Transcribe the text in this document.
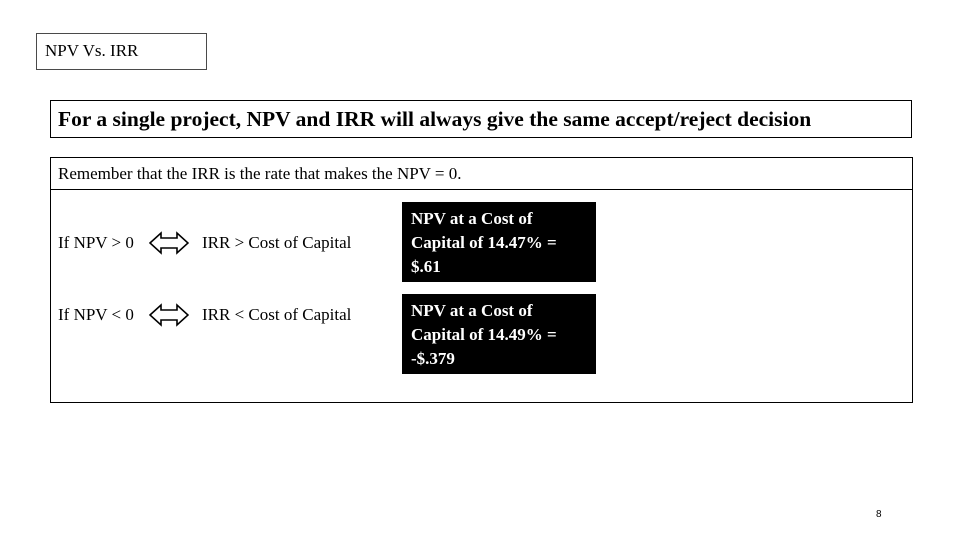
NPV Vs. IRR
For a single project, NPV and IRR will always give the same accept/reject decision
Remember that the IRR is the rate that makes the NPV = 0.
If NPV > 0	IRR > Cost of Capital
NPV at a Cost of
Capital of 14.47% =
$.61
If NPV < 0	IRR < Cost of Capital	NPV at a Cost of
Capital of 14.49% =
-$.379
8
